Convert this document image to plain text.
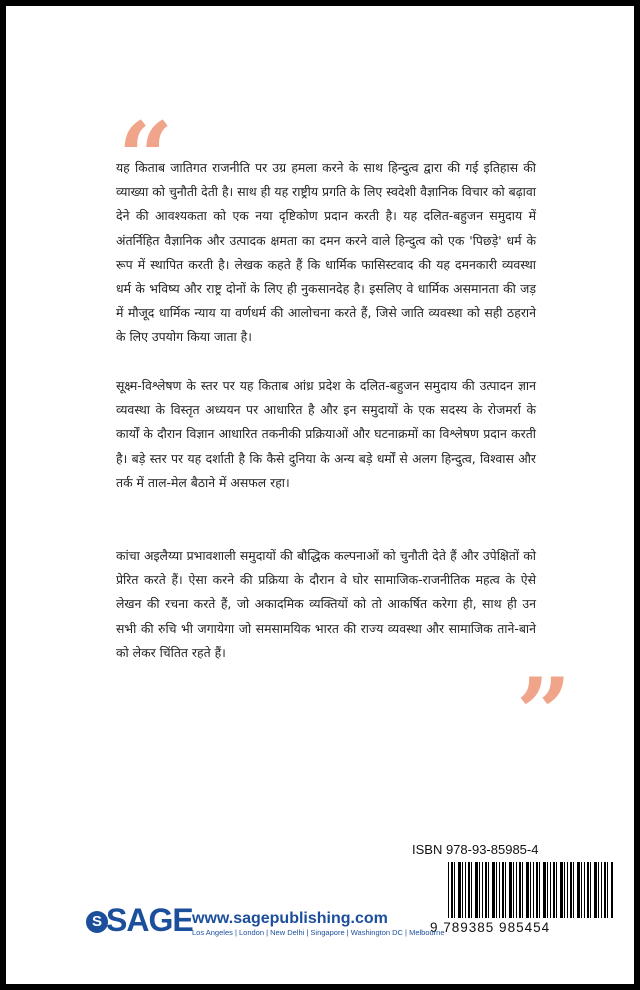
“

यह किताब जातिगत राजनीति पर उग्र हमला करने के साथ हिन्दुत्व द्वारा की गई इतिहास की व्याख्या को चुनौती देती है। साथ ही यह राष्ट्रीय प्रगति के लिए स्वदेशी वैज्ञानिक विचार को बढ़ावा देने की आवश्यकता को एक नया दृष्टिकोण प्रदान करती है। यह दलित-बहुजन समुदाय में अंतर्निहित वैज्ञानिक और उत्पादक क्षमता का दमन करने वाले हिन्दुत्व को एक 'पिछड़े' धर्म के रूप में स्थापित करती है। लेखक कहते हैं कि धार्मिक फासिस्टवाद की यह दमनकारी व्यवस्था धर्म के भविष्य और राष्ट्र दोनों के लिए ही नुकसानदेह है। इसलिए वे धार्मिक असमानता की जड़ में मौजूद धार्मिक न्याय या वर्णधर्म की आलोचना करते हैं, जिसे जाति व्यवस्था को सही ठहराने के लिए उपयोग किया जाता है।

सूक्ष्म-विश्लेषण के स्तर पर यह किताब आंध्र प्रदेश के दलित-बहुजन समुदाय की उत्पादन ज्ञान व्यवस्था के विस्तृत अध्ययन पर आधारित है और इन समुदायों के एक सदस्य के रोजमर्रा के कार्यों के दौरान विज्ञान आधारित तकनीकी प्रक्रियाओं और घटनाक्रमों का विश्लेषण प्रदान करती है। बड़े स्तर पर यह दर्शाती है कि कैसे दुनिया के अन्य बड़े धर्मों से अलग हिन्दुत्व, विश्वास और तर्क में ताल-मेल बैठाने में असफल रहा।

कांचा अइलैय्या प्रभावशाली समुदायों की बौद्धिक कल्पनाओं को चुनौती देते हैं और उपेक्षितों को प्रेरित करते हैं। ऐसा करने की प्रक्रिया के दौरान वे घोर सामाजिक-राजनीतिक महत्व के ऐसे लेखन की रचना करते हैं, जो अकादमिक व्यक्तियों को तो आकर्षित करेगा ही, साथ ही उन सभी की रुचि भी जगायेगा जो समसामयिक भारत की राज्य व्यवस्था और सामाजिक ताने-बाने को लेकर चिंतित रहते हैं।

”
ISBN 978-93-85985-4
9 789385 985454
S
SAGE www.sagepublishing.com
Los Angeles | London | New Delhi | Singapore | Washington DC | Melbourne
